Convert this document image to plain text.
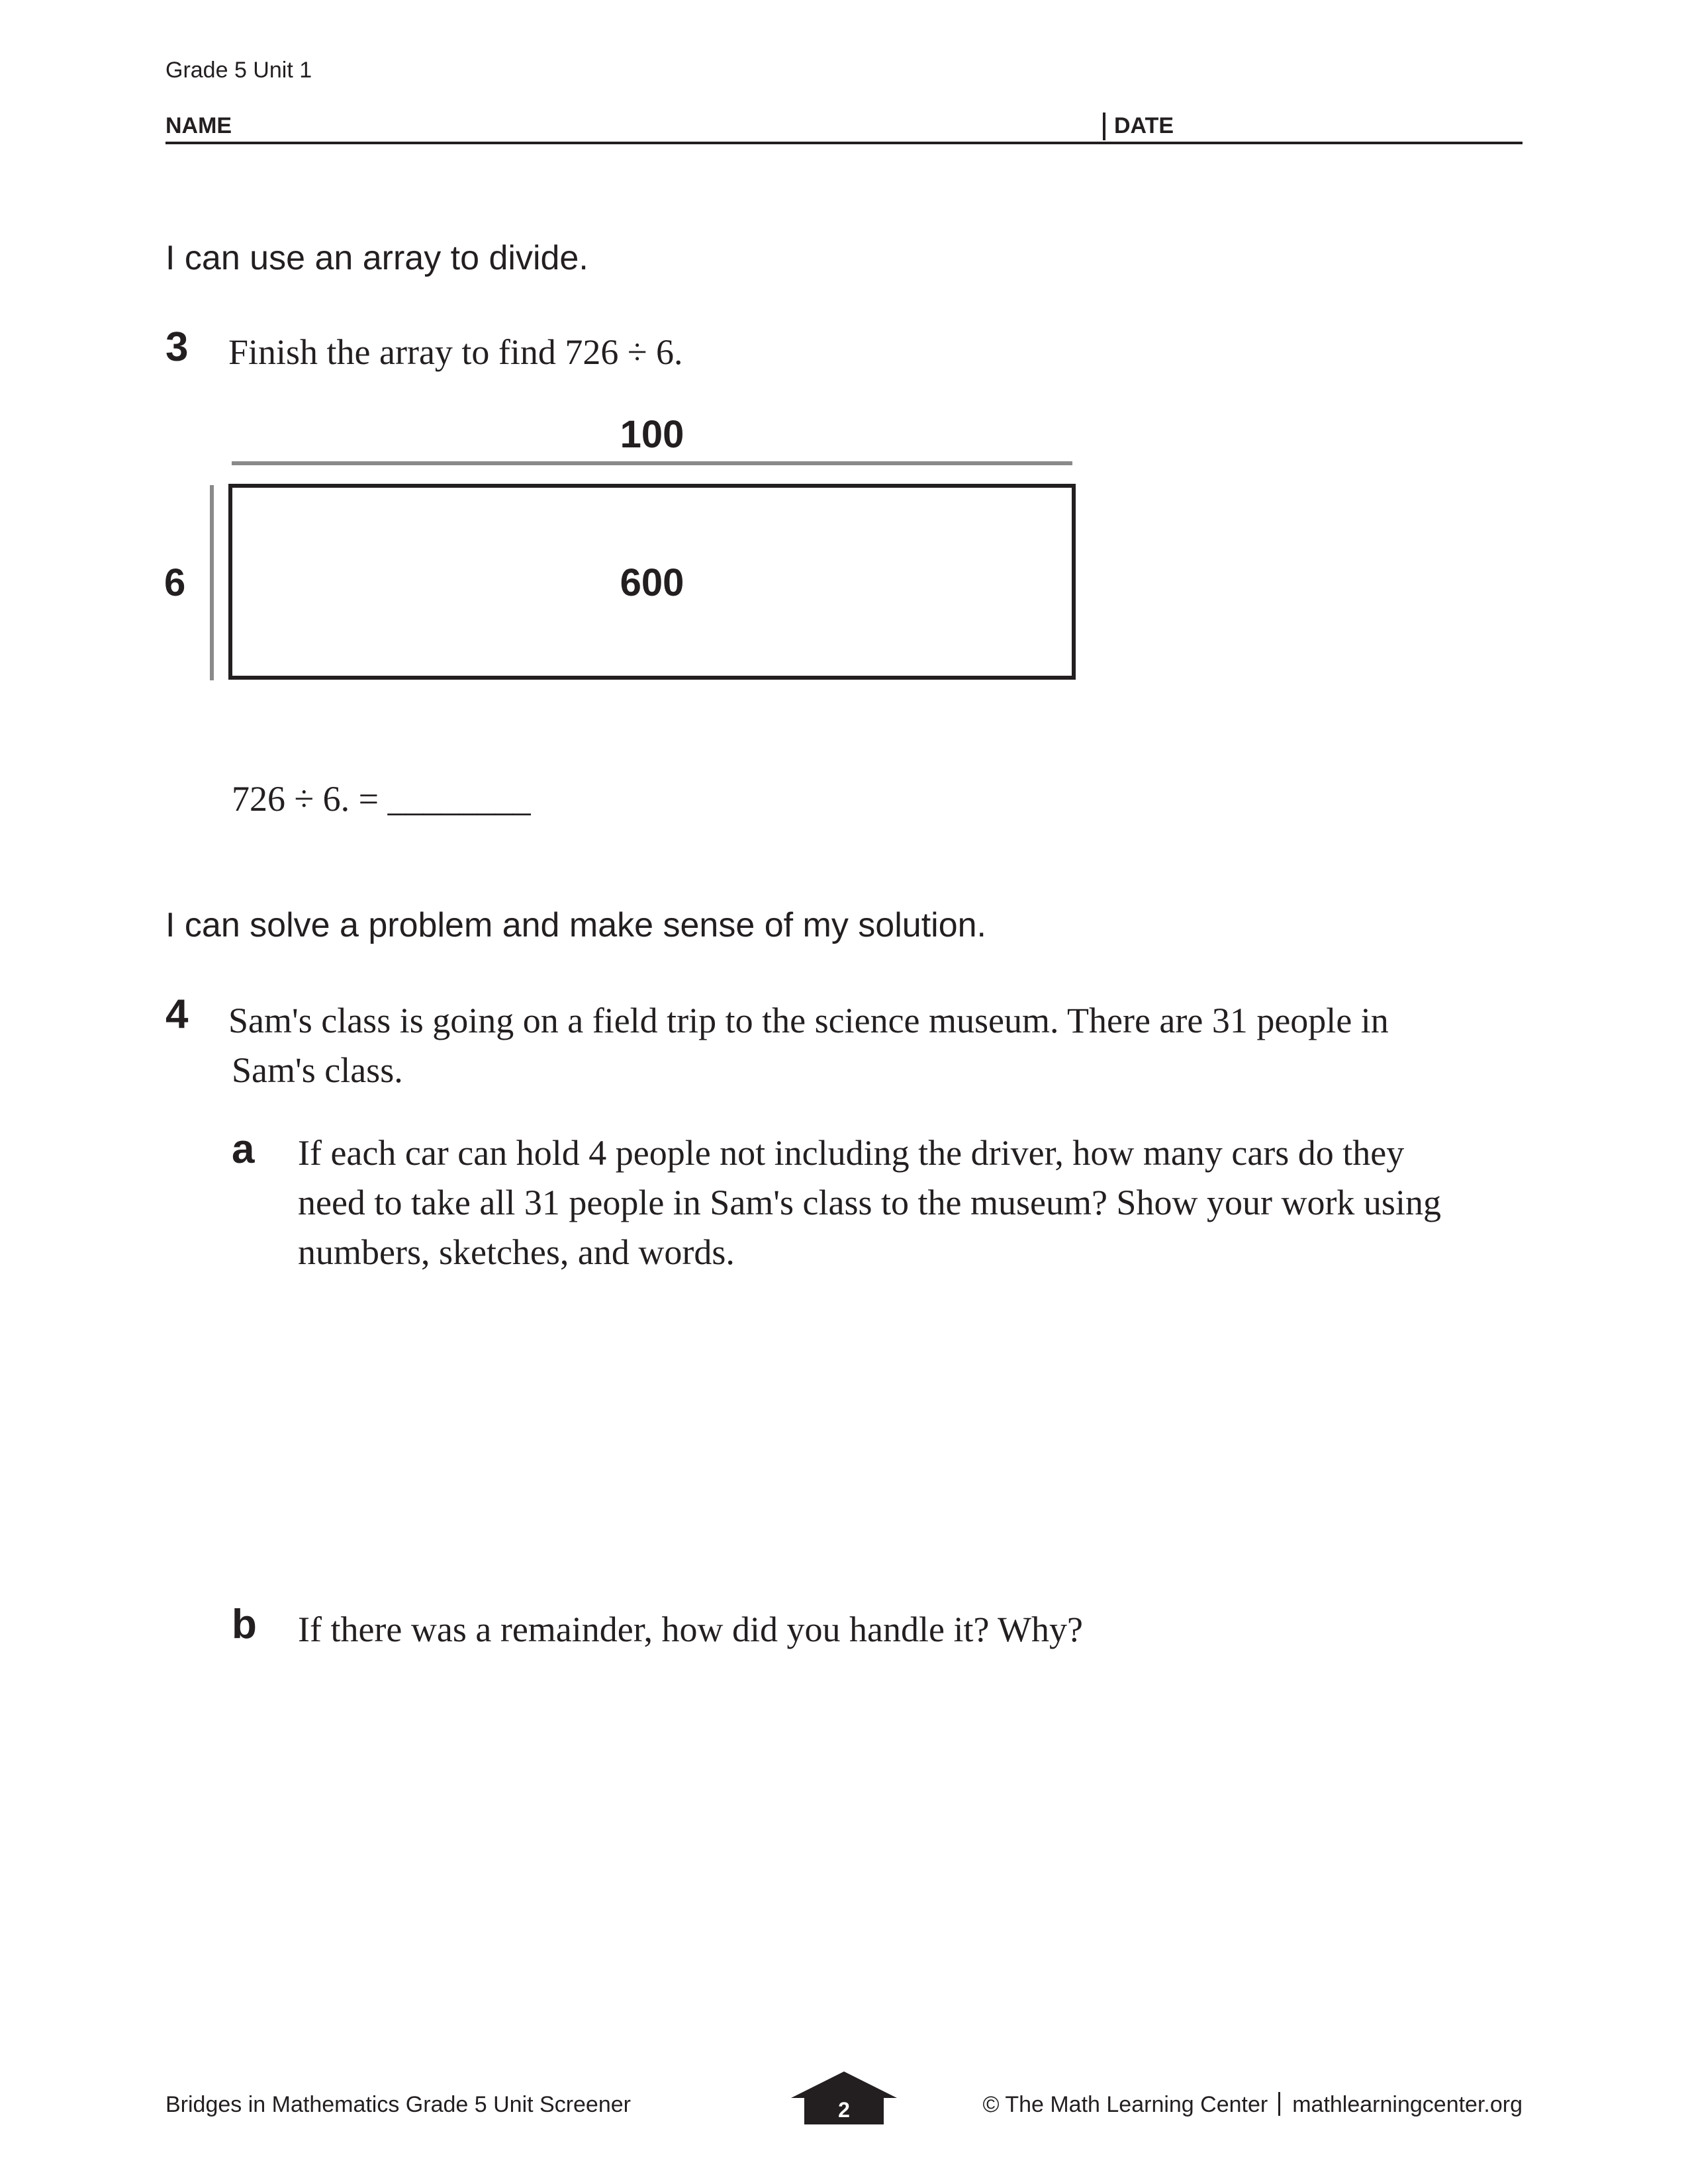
Grade 5 Unit 1
NAME	DATE
I can use an array to divide.
3 Finish the array to find 726 ÷ 6.
100
6	600
726 ÷ 6. = ________
I can solve a problem and make sense of my solution.
4 Sam's class is going on a field trip to the science museum. There are 31 people in
Sam's class.
a If each car can hold 4 people not including the driver, how many cars do they
need to take all 31 people in Sam's class to the museum? Show your work using
numbers, sketches, and words.
b If there was a remainder, how did you handle it? Why?
Bridges in Mathematics Grade 5 Unit Screener	2	© The Math Learning Center mathlearningcenter.org
